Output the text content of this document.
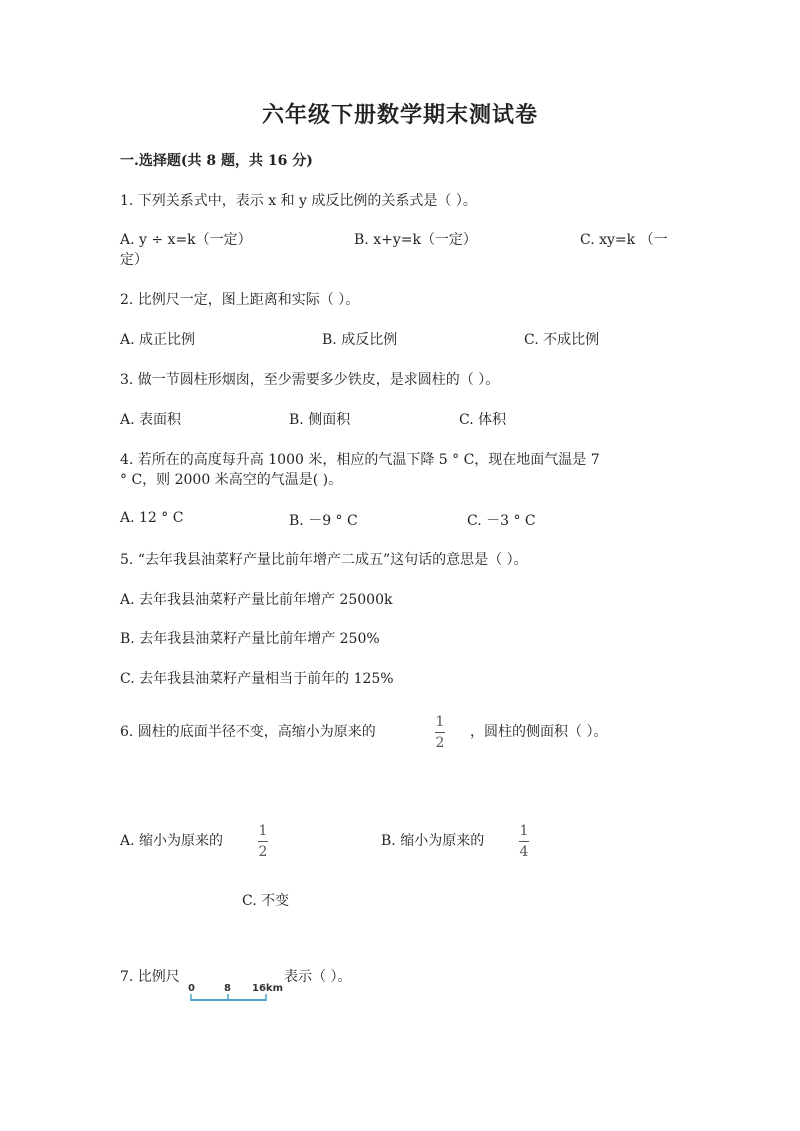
六年级下册数学期末测试卷
一.选择题(共 8 题，共 16 分)
1. 下列关系式中，表示 x 和 y 成反比例的关系式是（ ）。
A. y ÷ x=k（一定）	B. x+y=k（一定）	C. xy=k （一
定）
2. 比例尺一定，图上距离和实际（ ）。
A. 成正比例	B. 成反比例	C. 不成比例
3. 做一节圆柱形烟囱，至少需要多少铁皮，是求圆柱的（ ）。
A. 表面积	B. 侧面积	C. 体积
4. 若所在的高度每升高 1000 米，相应的气温下降 5 ° C，现在地面气温是 7
° C，则 2000 米高空的气温是( )。
A. 12 ° C	B. －9 ° C	C. －3 ° C
5. “去年我县油菜籽产量比前年增产二成五”这句话的意思是（ ）。
A. 去年我县油菜籽产量比前年增产 25000k
B. 去年我县油菜籽产量比前年增产 250%
C. 去年我县油菜籽产量相当于前年的 125%
6. 圆柱的底面半径不变，高缩小为原来的
1
2
，圆柱的侧面积（ ）。
A. 缩小为原来的
1
2
B. 缩小为原来的
1
4
C. 不变
7. 比例尺
0	8 16km
表示（ ）。
